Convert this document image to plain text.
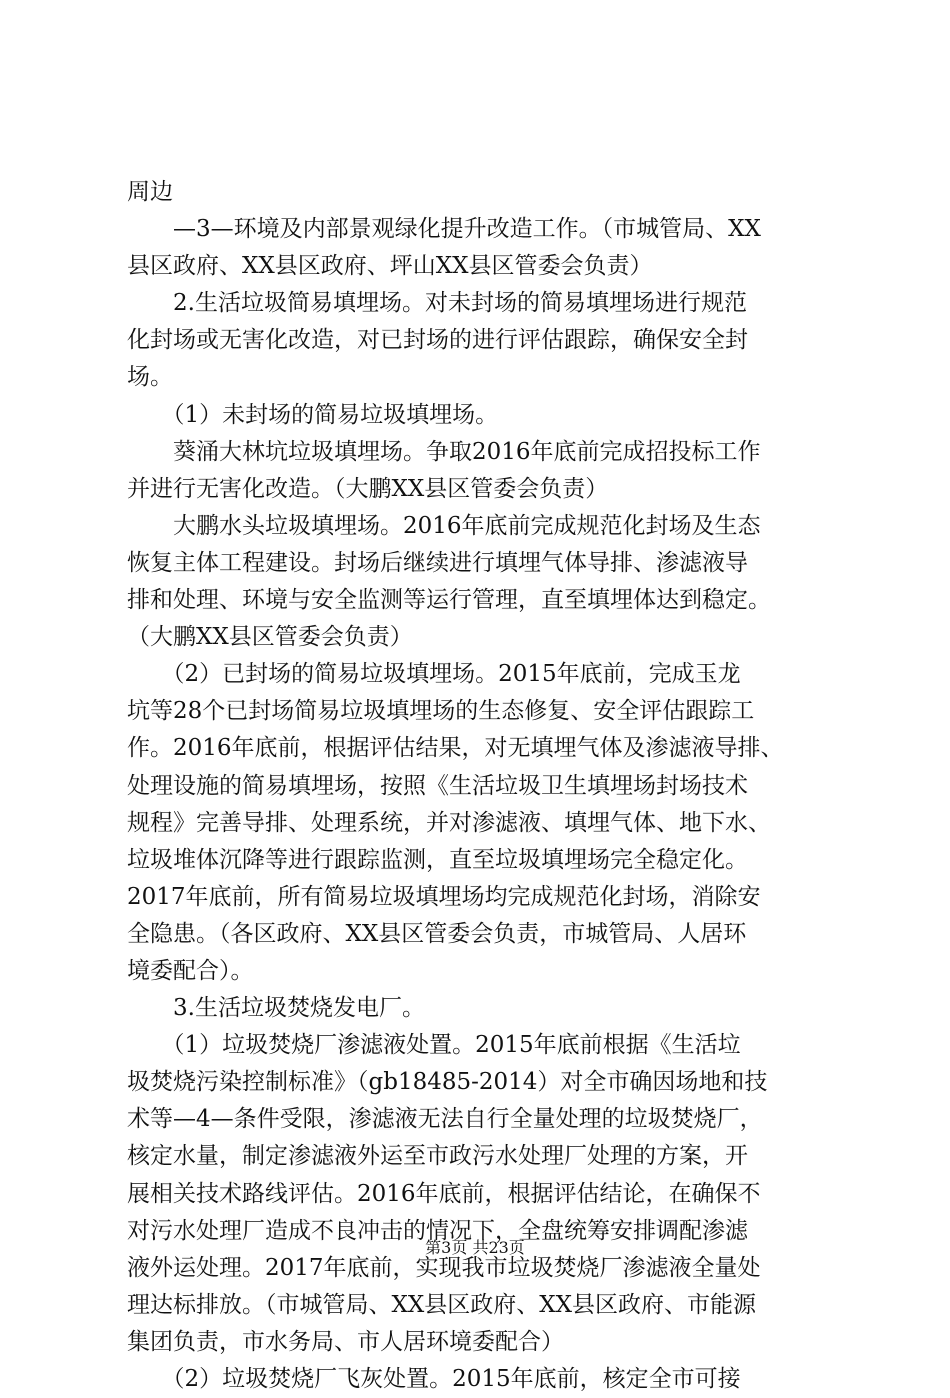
周边
　　—3—环境及内部景观绿化提升改造工作。（市城管局、XX
县区政府、XX县区政府、坪山XX县区管委会负责）
　　2.生活垃圾简易填埋场。对未封场的简易填埋场进行规范
化封场或无害化改造，对已封场的进行评估跟踪，确保安全封
场。
　　（1）未封场的简易垃圾填埋场。
　　葵涌大林坑垃圾填埋场。争取2016年底前完成招投标工作
并进行无害化改造。（大鹏XX县区管委会负责）
　　大鹏水头垃圾填埋场。2016年底前完成规范化封场及生态
恢复主体工程建设。封场后继续进行填埋气体导排、渗滤液导
排和处理、环境与安全监测等运行管理，直至填埋体达到稳定。
（大鹏XX县区管委会负责）
　　（2）已封场的简易垃圾填埋场。2015年底前，完成玉龙
坑等28个已封场简易垃圾填埋场的生态修复、安全评估跟踪工
作。2016年底前，根据评估结果，对无填埋气体及渗滤液导排、
处理设施的简易填埋场，按照《生活垃圾卫生填埋场封场技术
规程》完善导排、处理系统，并对渗滤液、填埋气体、地下水、
垃圾堆体沉降等进行跟踪监测，直至垃圾填埋场完全稳定化。
2017年底前，所有简易垃圾填埋场均完成规范化封场，消除安
全隐患。（各区政府、XX县区管委会负责，市城管局、人居环
境委配合）。
　　3.生活垃圾焚烧发电厂。
　　（1）垃圾焚烧厂渗滤液处置。2015年底前根据《生活垃
圾焚烧污染控制标准》（gb18485-2014）对全市确因场地和技
术等—4—条件受限，渗滤液无法自行全量处理的垃圾焚烧厂，
核定水量，制定渗滤液外运至市政污水处理厂处理的方案，开
展相关技术路线评估。2016年底前，根据评估结论，在确保不
对污水处理厂造成不良冲击的情况下，全盘统筹安排调配渗滤
液外运处理。2017年底前，实现我市垃圾焚烧厂渗滤液全量处
理达标排放。（市城管局、XX县区政府、XX县区政府、市能源
集团负责，市水务局、市人居环境委配合）
　　（2）垃圾焚烧厂飞灰处置。2015年底前，核定全市可接
第3页 共23页
